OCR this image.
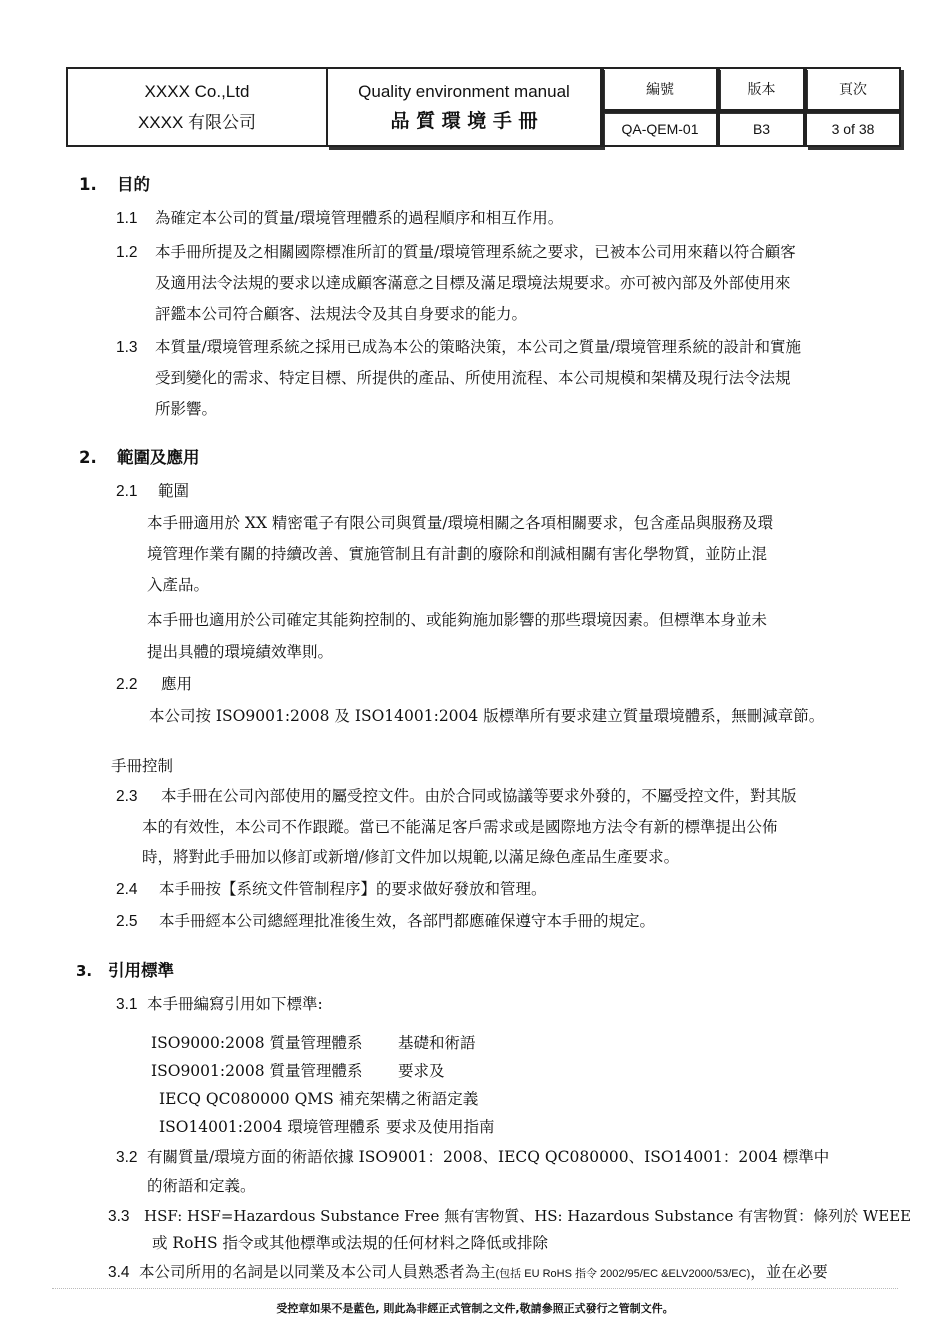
XXXX Co.,Ltd
XXXX 有限公司
Quality environment manual
品 質 環 境 手 冊
編號	版本	頁次
QA-QEM-01	B3	3 of 38
1. 目的
1.1 為確定本公司的質量/環境管理體系的過程順序和相互作用。
1.2 本手冊所提及之相關國際標准所訂的質量/環境管理系統之要求，已被本公司用來藉以符合顧客
及適用法令法規的要求以達成顧客滿意之目標及滿足環境法規要求。亦可被內部及外部使用來
評鑑本公司符合顧客、法規法令及其自身要求的能力。
1.3 本質量/環境管理系統之採用已成為本公的策略決策，本公司之質量/環境管理系統的設計和實施
受到變化的需求、特定目標、所提供的產品、所使用流程、本公司規模和架構及現行法令法規
所影響。
2. 範圍及應用
2.1 範圍
本手冊適用於 XX 精密電子有限公司與質量/環境相關之各項相關要求，包含產品與服務及環
境管理作業有關的持續改善、實施管制且有計劃的廢除和削減相關有害化學物質，並防止混
入產品。
本手冊也適用於公司確定其能夠控制的、或能夠施加影響的那些環境因素。但標準本身並未
提出具體的環境績效準則。
2.2 應用
本公司按 ISO9001:2008 及 ISO14001:2004 版標準所有要求建立質量環境體系，無刪減章節。
手冊控制
2.3 本手冊在公司內部使用的屬受控文件。由於合同或協議等要求外發的，不屬受控文件，對其版
本的有效性，本公司不作跟蹤。當已不能滿足客戶需求或是國際地方法令有新的標準提出公佈
時，將對此手冊加以修訂或新增/修訂文件加以規範,以滿足綠色產品生產要求。
2.4 本手冊按【系统文件管制程序】的要求做好發放和管理。
2.5 本手冊經本公司總經理批准後生效，各部門都應確保遵守本手冊的規定。
3. 引用標準
3.1 本手冊編寫引用如下標準:
ISO9000:2008 質量管理體系 基礎和術語
ISO9001:2008 質量管理體系 要求及
IECQ QC080000 QMS 補充架構之術語定義
ISO14001:2004 環境管理體系 要求及使用指南
3.2 有關質量/環境方面的術語依據 ISO9001：2008、IECQ QC080000、ISO14001：2004 標準中
的術語和定義。
3.3 HSF: HSF=Hazardous Substance Free 無有害物質、HS: Hazardous Substance 有害物質：條列於 WEEE
或 RoHS 指令或其他標準或法規的任何材料之降低或排除
3.4 本公司所用的名詞是以同業及本公司人員熟悉者為主(包括 EU RoHS 指令 2002/95/EC &ELV2000/53/EC)，並在必要
受控章如果不是藍色, 則此為非經正式管制之文件,敬請參照正式發行之管制文件。
